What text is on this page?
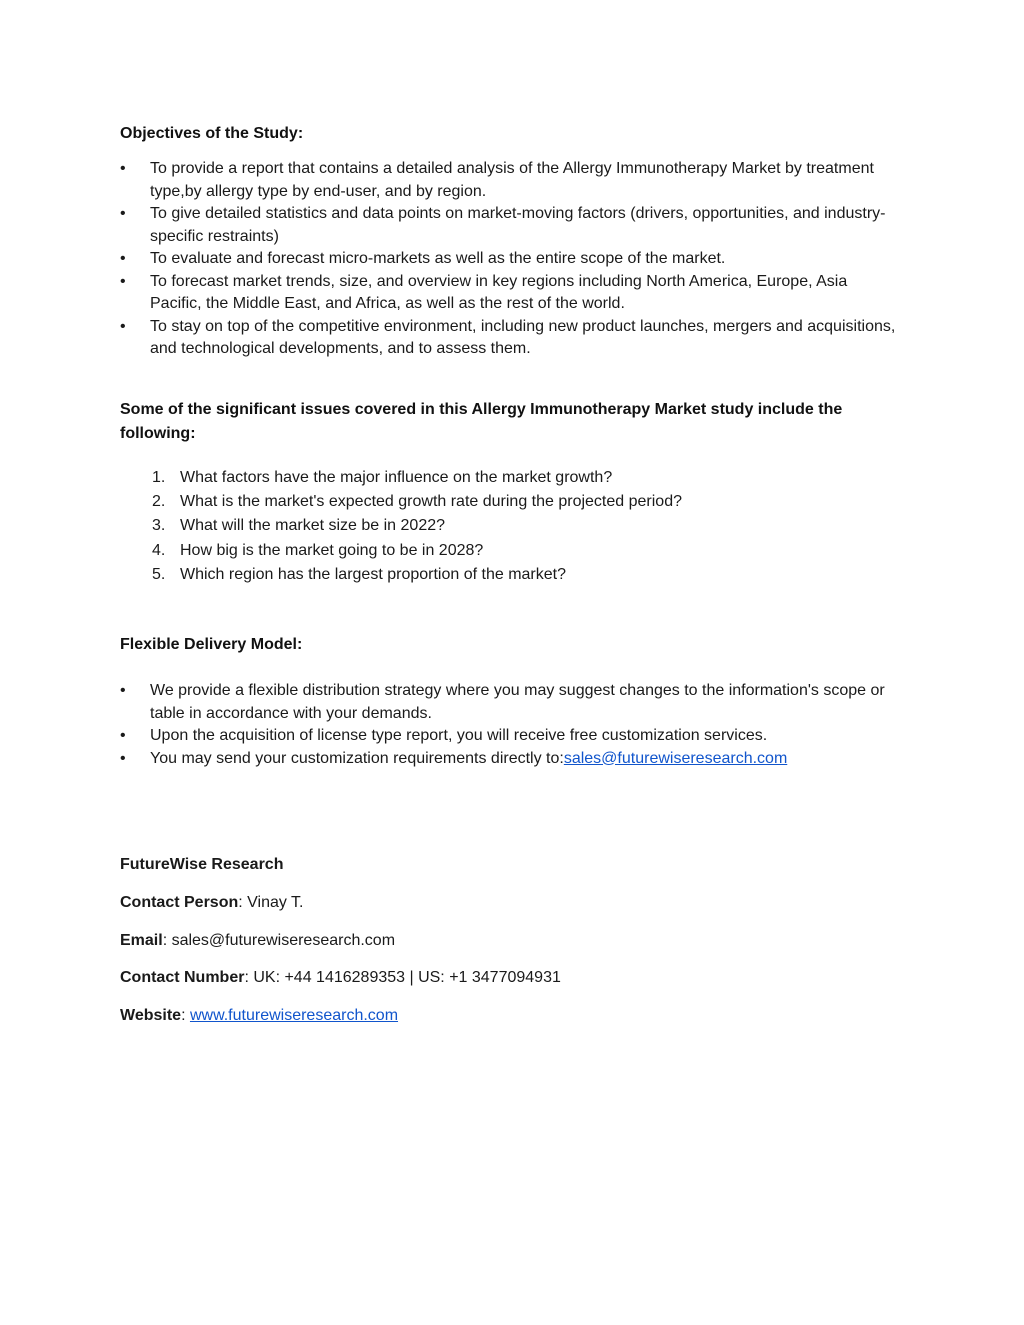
Objectives of the Study:
•	To provide a report that contains a detailed analysis of the Allergy Immunotherapy Market by treatment type,by allergy type by end-user, and by region.
•	To give detailed statistics and data points on market-moving factors (drivers, opportunities, and industry-specific restraints)
•	To evaluate and forecast micro-markets as well as the entire scope of the market.
•	To forecast market trends, size, and overview in key regions including North America, Europe, Asia Pacific, the Middle East, and Africa, as well as the rest of the world.
•	To stay on top of the competitive environment, including new product launches, mergers and acquisitions, and technological developments, and to assess them.
Some of the significant issues covered in this Allergy Immunotherapy Market study include the following:
1. What factors have the major influence on the market growth?
2. What is the market's expected growth rate during the projected period?
3. What will the market size be in 2022?
4. How big is the market going to be in 2028?
5. Which region has the largest proportion of the market?
Flexible Delivery Model:
•	We provide a flexible distribution strategy where you may suggest changes to the information's scope or table in accordance with your demands.
•	Upon the acquisition of license type report, you will receive free customization services.
•	You may send your customization requirements directly to:sales@futurewiseresearch.com
FutureWise Research
Contact Person: Vinay T.
Email: sales@futurewiseresearch.com
Contact Number: UK: +44 1416289353 | US: +1 3477094931
Website: www.futurewiseresearch.com
